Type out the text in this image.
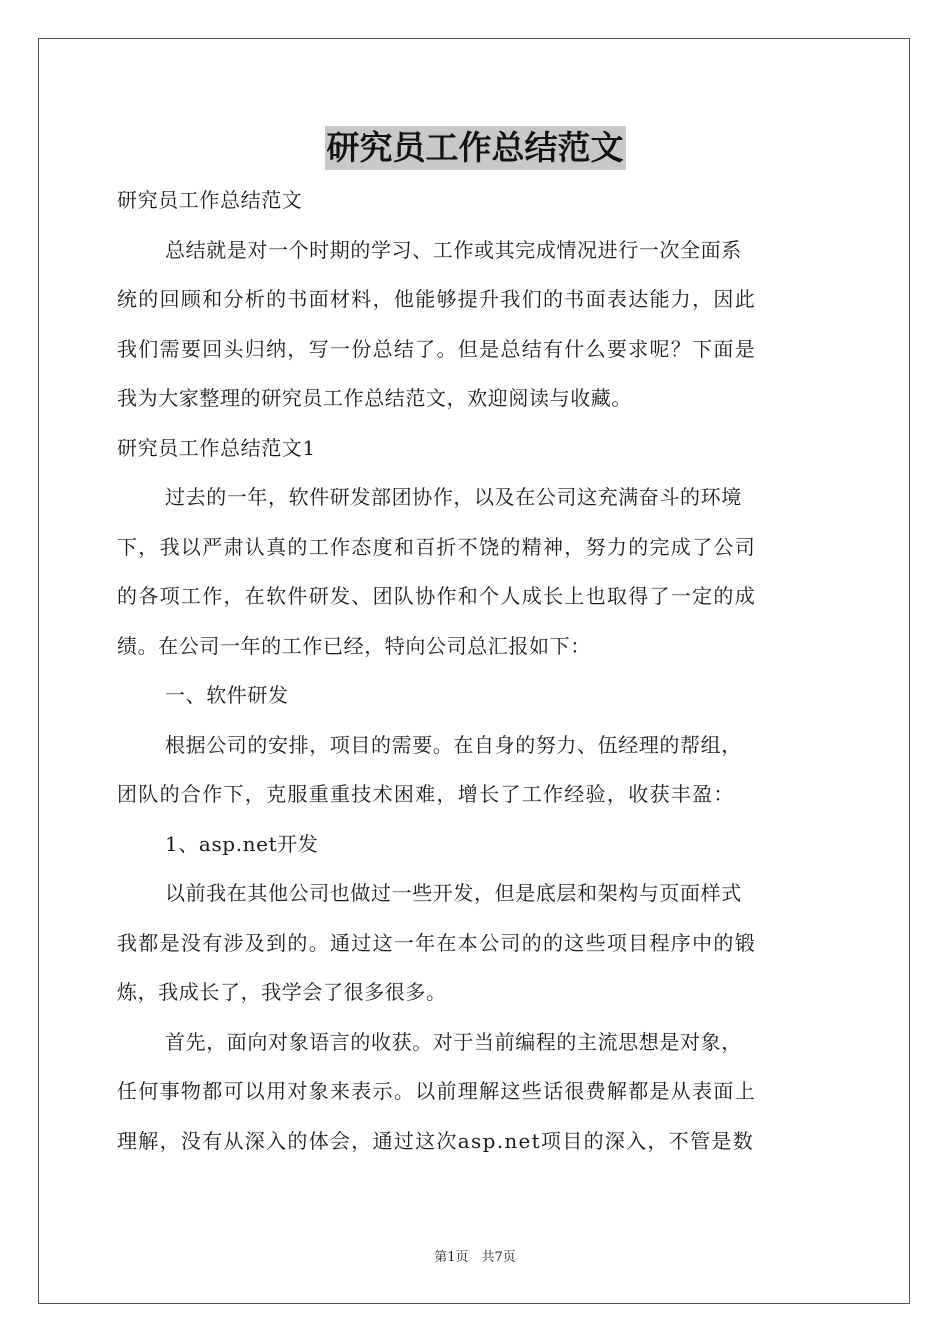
研究员工作总结范文
研究员工作总结范文
总结就是对一个时期的学习、工作或其完成情况进行一次全面系
统的回顾和分析的书面材料，他能够提升我们的书面表达能力，因此
我们需要回头归纳，写一份总结了。但是总结有什么要求呢？下面是
我为大家整理的研究员工作总结范文，欢迎阅读与收藏。
研究员工作总结范文1
过去的一年，软件研发部团协作，以及在公司这充满奋斗的环境
下，我以严肃认真的工作态度和百折不饶的精神，努力的完成了公司
的各项工作，在软件研发、团队协作和个人成长上也取得了一定的成
绩。在公司一年的工作已经，特向公司总汇报如下：
一、软件研发
根据公司的安排，项目的需要。在自身的努力、伍经理的帮组，
团队的合作下，克服重重技术困难，增长了工作经验，收获丰盈：
1、asp.net开发
以前我在其他公司也做过一些开发，但是底层和架构与页面样式
我都是没有涉及到的。通过这一年在本公司的的这些项目程序中的锻
炼，我成长了，我学会了很多很多。
首先，面向对象语言的收获。对于当前编程的主流思想是对象，
任何事物都可以用对象来表示。以前理解这些话很费解都是从表面上
理解，没有从深入的体会，通过这次asp.net项目的深入，不管是数
第1页　共7页
